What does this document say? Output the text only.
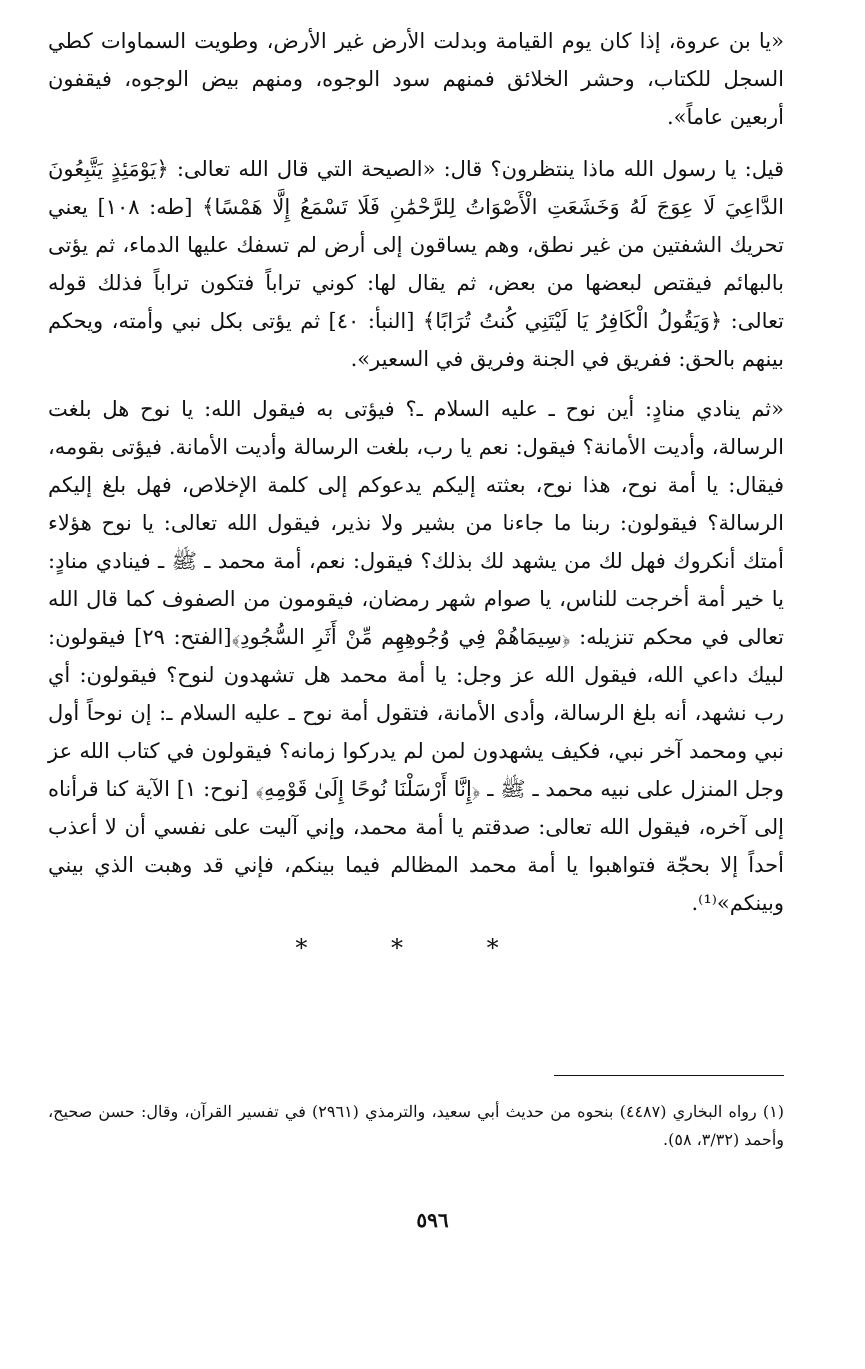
«يا بن عروة، إذا كان يوم القيامة وبدلت الأرض غير الأرض، وطويت السماوات كطي السجل للكتاب، وحشر الخلائق فمنهم سود الوجوه، ومنهم بيض الوجوه، فيقفون أربعين عاماً».

قيل: يا رسول الله ماذا ينتظرون؟ قال: «الصيحة التي قال الله تعالى: ﴿يَوْمَئِذٍ يَتَّبِعُونَ الدَّاعِيَ لَا عِوَجَ لَهُ وَخَشَعَتِ الْأَصْوَاتُ لِلرَّحْمَٰنِ فَلَا تَسْمَعُ إِلَّا هَمْسًا﴾ [طه: ١٠٨] يعني تحريك الشفتين من غير نطق، وهم يساقون إلى أرض لم تسفك عليها الدماء، ثم يؤتى بالبهائم فيقتص لبعضها من بعض، ثم يقال لها: كوني تراباً فتكون تراباً فذلك قوله تعالى: ﴿وَيَقُولُ الْكَافِرُ يَا لَيْتَنِي كُنتُ تُرَابًا﴾ [النبأ: ٤٠] ثم يؤتى بكل نبي وأمته، ويحكم بينهم بالحق: ففريق في الجنة وفريق في السعير».

«ثم ينادي منادٍ: أين نوح ـ عليه السلام ـ؟ فيؤتى به فيقول الله: يا نوح هل بلغت الرسالة، وأديت الأمانة؟ فيقول: نعم يا رب، بلغت الرسالة وأديت الأمانة. فيؤتى بقومه، فيقال: يا أمة نوح، هذا نوح، بعثته إليكم يدعوكم إلى كلمة الإخلاص، فهل بلغ إليكم الرسالة؟ فيقولون: ربنا ما جاءنا من بشير ولا نذير، فيقول الله تعالى: يا نوح هؤلاء أمتك أنكروك فهل لك من يشهد لك بذلك؟ فيقول: نعم، أمة محمد ـ ﷺ ـ فينادي منادٍ: يا خير أمة أخرجت للناس، يا صوام شهر رمضان، فيقومون من الصفوف كما قال الله تعالى في محكم تنزيله: ﴿سِيمَاهُمْ فِي وُجُوهِهِم مِّنْ أَثَرِ السُّجُودِ﴾[الفتح: ٢٩] فيقولون: لبيك داعي الله، فيقول الله عز وجل: يا أمة محمد هل تشهدون لنوح؟ فيقولون: أي رب نشهد، أنه بلغ الرسالة، وأدى الأمانة، فتقول أمة نوح ـ عليه السلام ـ: إن نوحاً أول نبي ومحمد آخر نبي، فكيف يشهدون لمن لم يدركوا زمانه؟ فيقولون في كتاب الله عز وجل المنزل على نبيه محمد ـ ﷺ ـ ﴿إِنَّا أَرْسَلْنَا نُوحًا إِلَىٰ قَوْمِهِ﴾ [نوح: ١] الآية كنا قرأناه إلى آخره، فيقول الله تعالى: صدقتم يا أمة محمد، وإني آليت على نفسي أن لا أعذب أحداً إلا بحجّة فتواهبوا يا أمة محمد المظالم فيما بينكم، فإني قد وهبت الذي بيني وبينكم»⁽¹⁾.

* * *

(١) رواه البخاري (٤٤٨٧) بنحوه من حديث أبي سعيد، والترمذي (٢٩٦١) في تفسير القرآن، وقال: حسن صحيح، وأحمد (٣/٣٢، ٥٨).

٥٩٦
